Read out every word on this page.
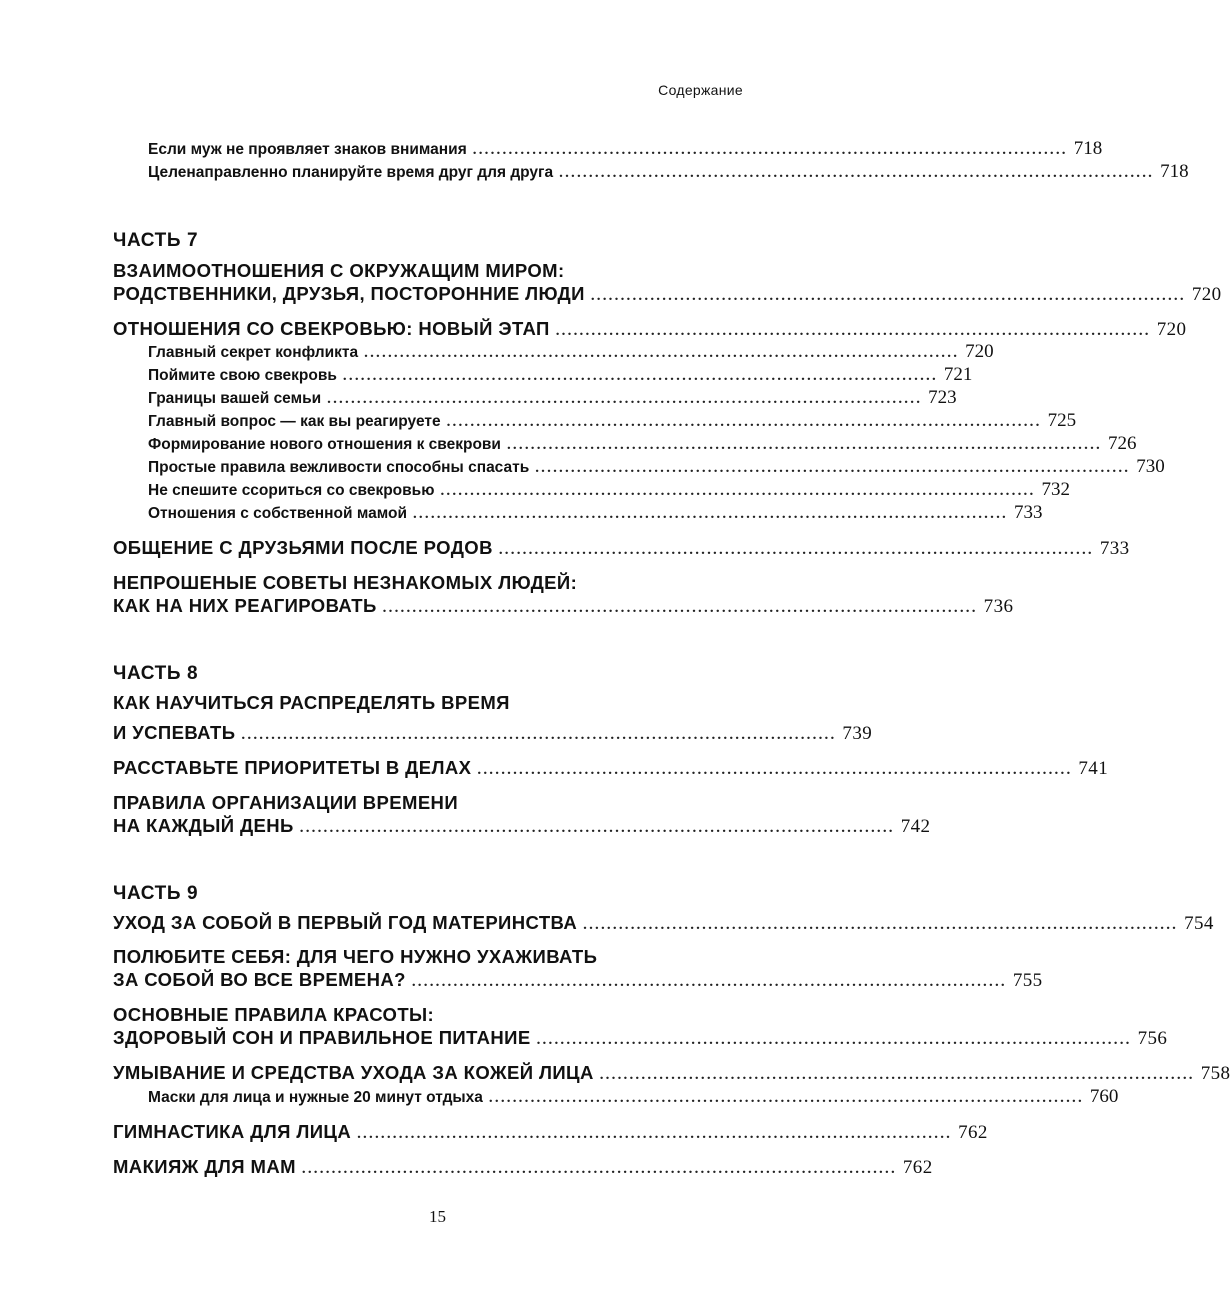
Содержание
Если муж не проявляет знаков внимания .................................................................................................... 718
Целенаправленно планируйте время друг для друга .................................................................................................... 718
ЧАСТЬ 7
ВЗАИМООТНОШЕНИЯ С ОКРУЖАЩИМ МИРОМ:
РОДСТВЕННИКИ, ДРУЗЬЯ, ПОСТОРОННИЕ ЛЮДИ .................................................................................................... 720
ОТНОШЕНИЯ СО СВЕКРОВЬЮ: НОВЫЙ ЭТАП .................................................................................................... 720
Главный секрет конфликта .................................................................................................... 720
Поймите свою свекровь .................................................................................................... 721
Границы вашей семьи .................................................................................................... 723
Главный вопрос — как вы реагируете .................................................................................................... 725
Формирование нового отношения к свекрови .................................................................................................... 726
Простые правила вежливости способны спасать .................................................................................................... 730
Не спешите ссориться со свекровью .................................................................................................... 732
Отношения с собственной мамой .................................................................................................... 733
ОБЩЕНИЕ С ДРУЗЬЯМИ ПОСЛЕ РОДОВ .................................................................................................... 733
НЕПРОШЕНЫЕ СОВЕТЫ НЕЗНАКОМЫХ ЛЮДЕЙ:
КАК НА НИХ РЕАГИРОВАТЬ .................................................................................................... 736
ЧАСТЬ 8
КАК НАУЧИТЬСЯ РАСПРЕДЕЛЯТЬ ВРЕМЯ
И УСПЕВАТЬ .................................................................................................... 739
РАССТАВЬТЕ ПРИОРИТЕТЫ В ДЕЛАХ .................................................................................................... 741
ПРАВИЛА ОРГАНИЗАЦИИ ВРЕМЕНИ
НА КАЖДЫЙ ДЕНЬ .................................................................................................... 742
ЧАСТЬ 9
УХОД ЗА СОБОЙ В ПЕРВЫЙ ГОД МАТЕРИНСТВА .................................................................................................... 754
ПОЛЮБИТЕ СЕБЯ: ДЛЯ ЧЕГО НУЖНО УХАЖИВАТЬ
ЗА СОБОЙ ВО ВСЕ ВРЕМЕНА? .................................................................................................... 755
ОСНОВНЫЕ ПРАВИЛА КРАСОТЫ:
ЗДОРОВЫЙ СОН И ПРАВИЛЬНОЕ ПИТАНИЕ .................................................................................................... 756
УМЫВАНИЕ И СРЕДСТВА УХОДА ЗА КОЖЕЙ ЛИЦА .................................................................................................... 758
Маски для лица и нужные 20 минут отдыха .................................................................................................... 760
ГИМНАСТИКА ДЛЯ ЛИЦА .................................................................................................... 762
МАКИЯЖ ДЛЯ МАМ .................................................................................................... 762
15
